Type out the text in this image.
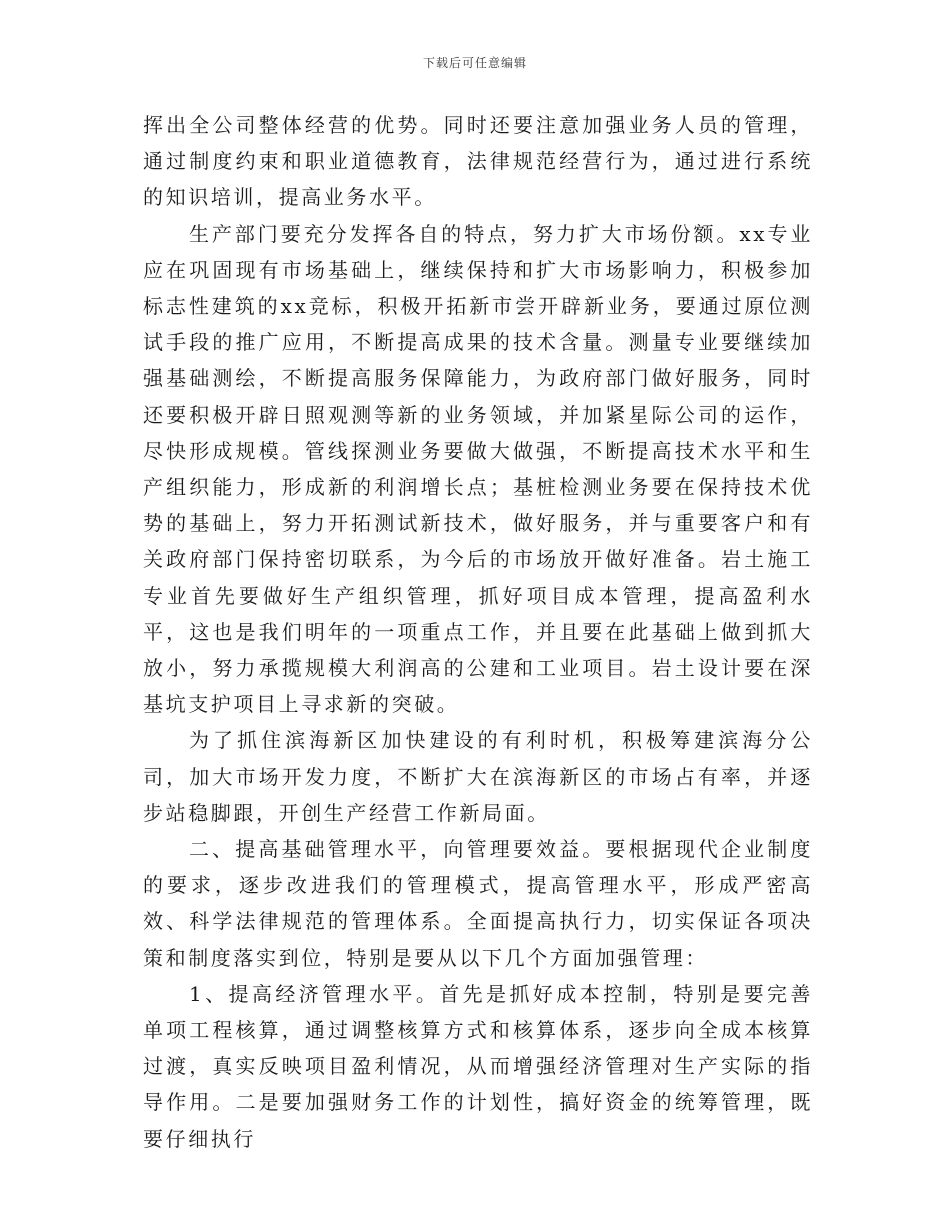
下载后可任意编辑

挥出全公司整体经营的优势。同时还要注意加强业务人员的管理，通过制度约束和职业道德教育，法律规范经营行为，通过进行系统的知识培训，提高业务水平。

生产部门要充分发挥各自的特点，努力扩大市场份额。xx专业应在巩固现有市场基础上，继续保持和扩大市场影响力，积极参加标志性建筑的xx竞标，积极开拓新市尝开辟新业务，要通过原位测试手段的推广应用，不断提高成果的技术含量。测量专业要继续加强基础测绘，不断提高服务保障能力，为政府部门做好服务，同时还要积极开辟日照观测等新的业务领域，并加紧星际公司的运作，尽快形成规模。管线探测业务要做大做强，不断提高技术水平和生产组织能力，形成新的利润增长点；基桩检测业务要在保持技术优势的基础上，努力开拓测试新技术，做好服务，并与重要客户和有关政府部门保持密切联系，为今后的市场放开做好准备。岩土施工专业首先要做好生产组织管理，抓好项目成本管理，提高盈利水平，这也是我们明年的一项重点工作，并且要在此基础上做到抓大放小，努力承揽规模大利润高的公建和工业项目。岩土设计要在深基坑支护项目上寻求新的突破。

为了抓住滨海新区加快建设的有利时机，积极筹建滨海分公司，加大市场开发力度，不断扩大在滨海新区的市场占有率，并逐步站稳脚跟，开创生产经营工作新局面。

二、提高基础管理水平，向管理要效益。要根据现代企业制度的要求，逐步改进我们的管理模式，提高管理水平，形成严密高效、科学法律规范的管理体系。全面提高执行力，切实保证各项决策和制度落实到位，特别是要从以下几个方面加强管理：

1、提高经济管理水平。首先是抓好成本控制，特别是要完善单项工程核算，通过调整核算方式和核算体系，逐步向全成本核算过渡，真实反映项目盈利情况，从而增强经济管理对生产实际的指导作用。二是要加强财务工作的计划性，搞好资金的统筹管理，既要仔细执行
